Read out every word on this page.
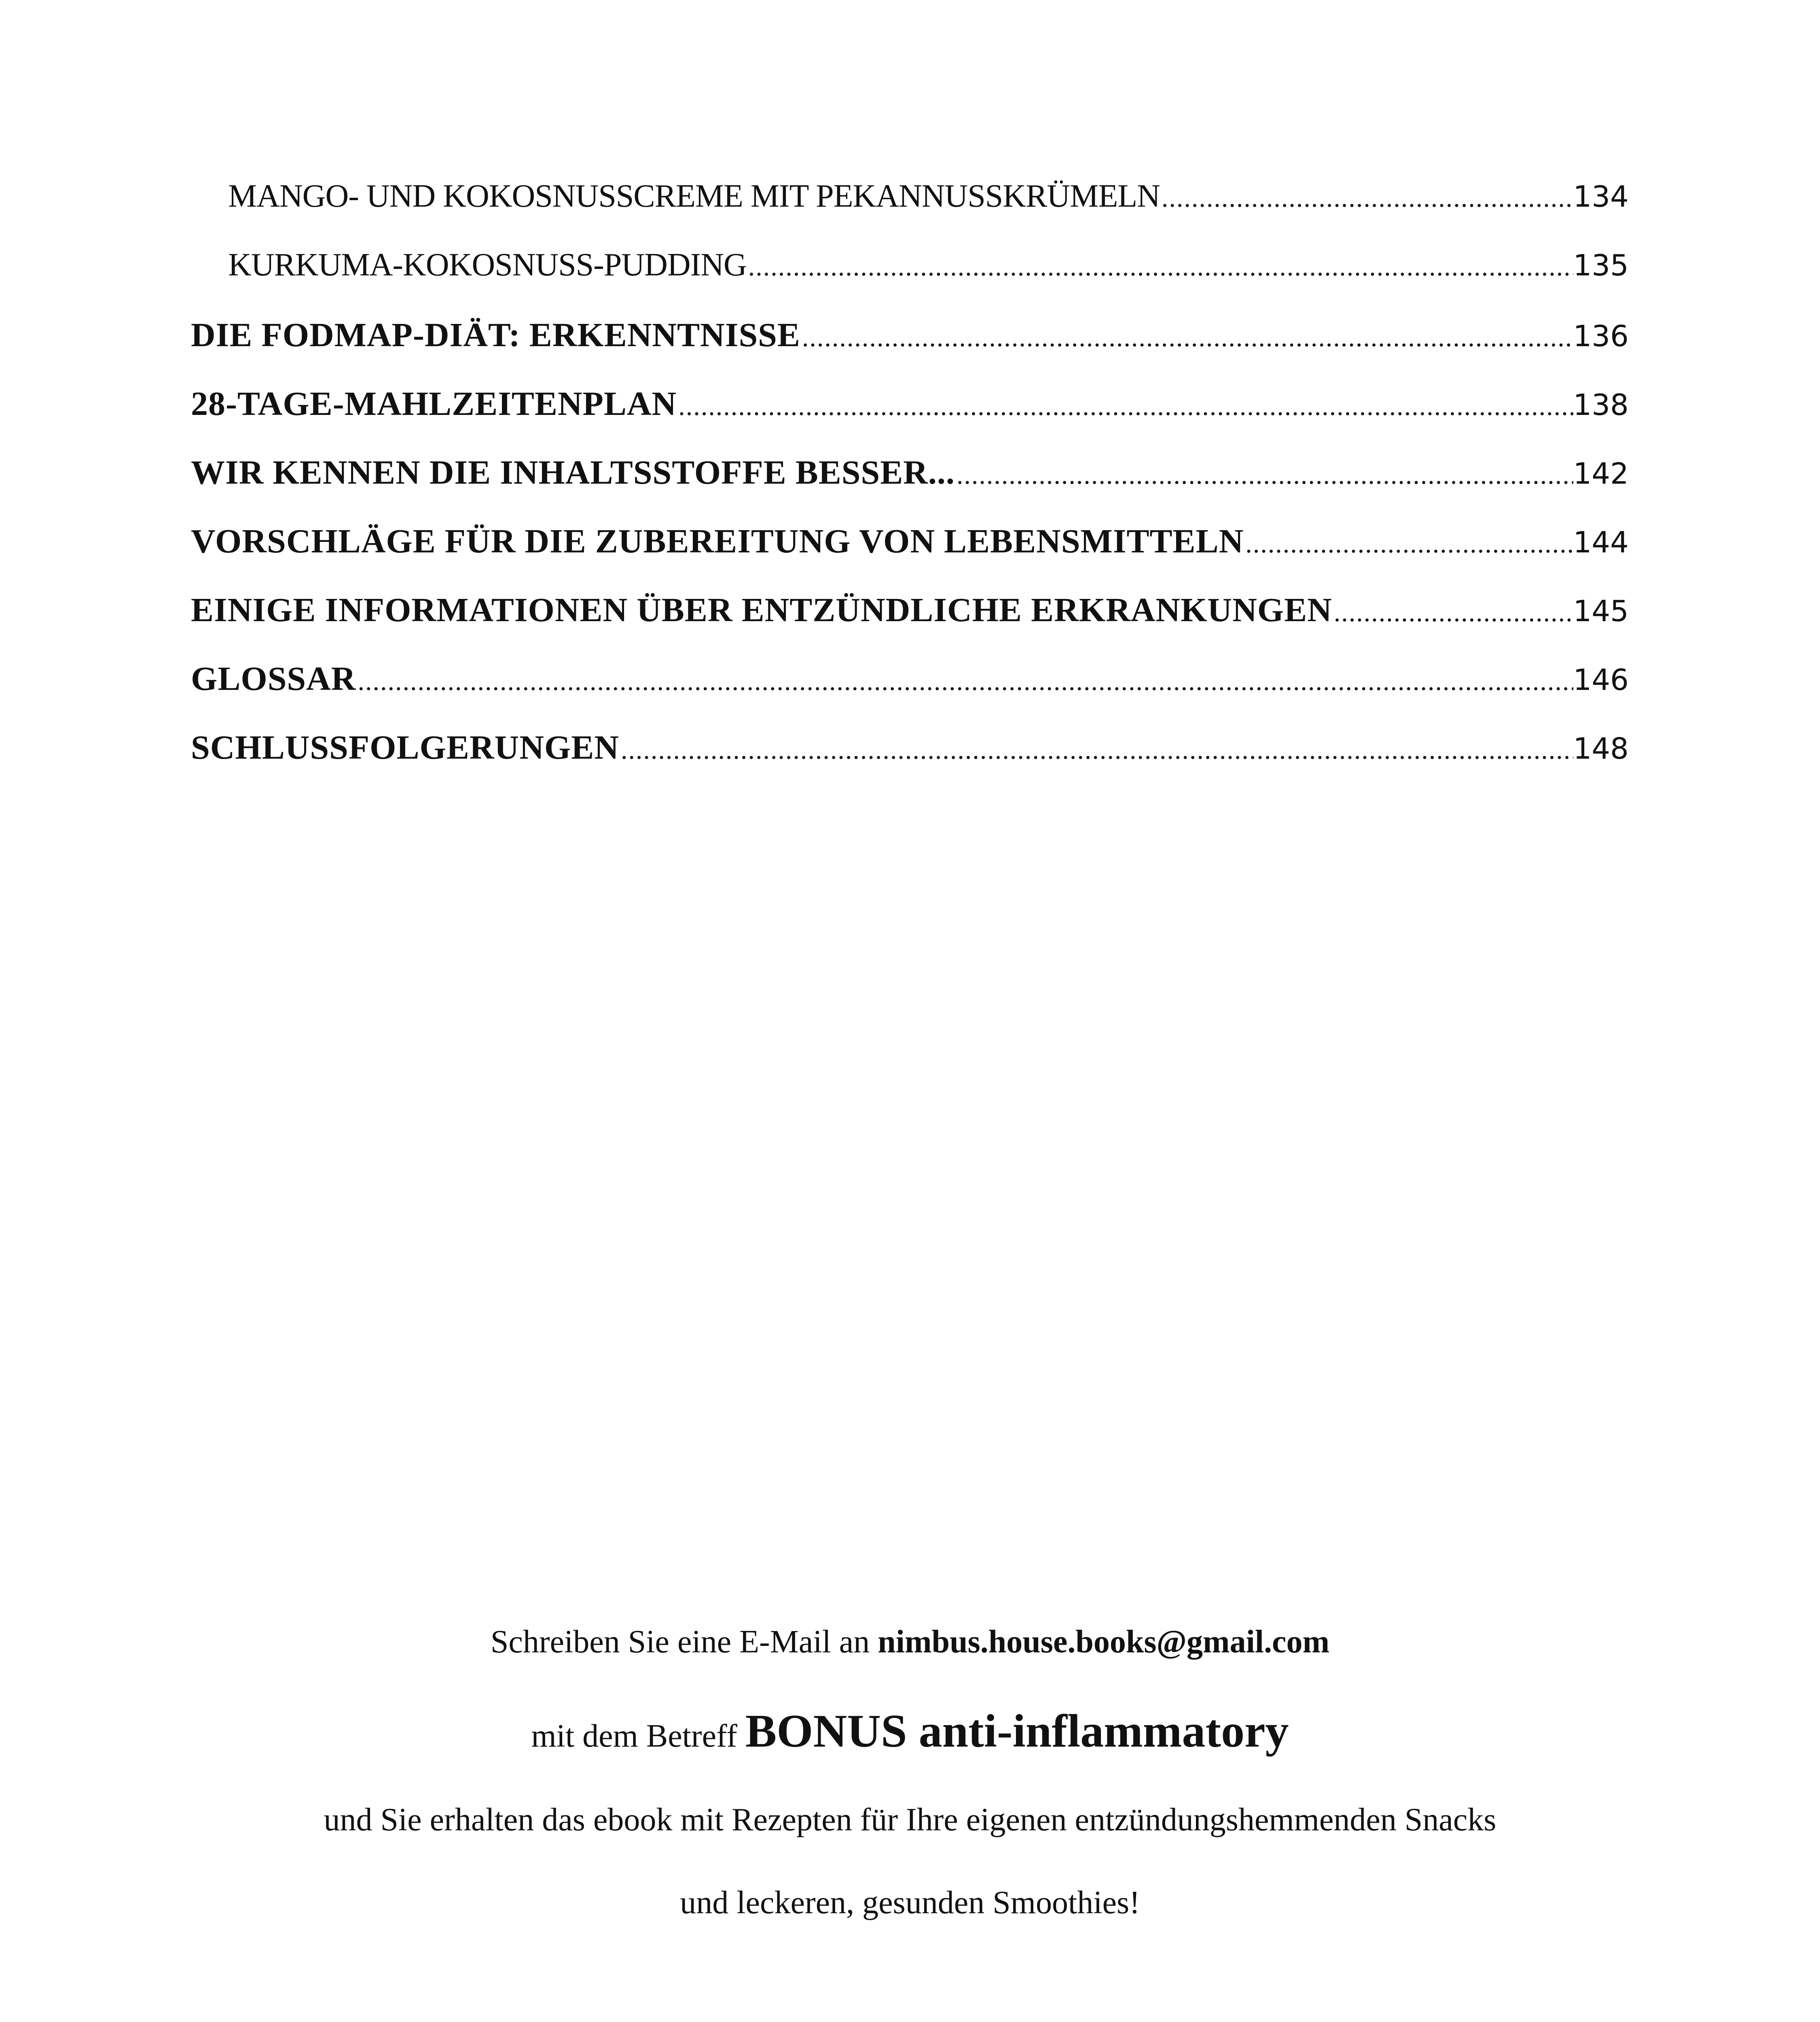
MANGO- UND KOKOSNUSSCREME MIT PEKANNUSSKRÜMELN .....	134
KURKUMA-KOKOSNUSS-PUDDING .....	135
DIE FODMAP-DIÄT: ERKENNTNISSE .....	136
28-TAGE-MAHLZEITENPLAN .....	138
WIR KENNEN DIE INHALTSSTOFFE BESSER... .....	142
VORSCHLÄGE FÜR DIE ZUBEREITUNG VON LEBENSMITTELN .....	144
EINIGE INFORMATIONEN ÜBER ENTZÜNDLICHE ERKRANKUNGEN .....	145
GLOSSAR .....	146
SCHLUSSFOLGERUNGEN .....	148
Schreiben Sie eine E-Mail an nimbus.house.books@gmail.com
mit dem Betreff BONUS anti-inflammatory
und Sie erhalten das ebook mit Rezepten für Ihre eigenen entzündungshemmenden Snacks
und leckeren, gesunden Smoothies!
